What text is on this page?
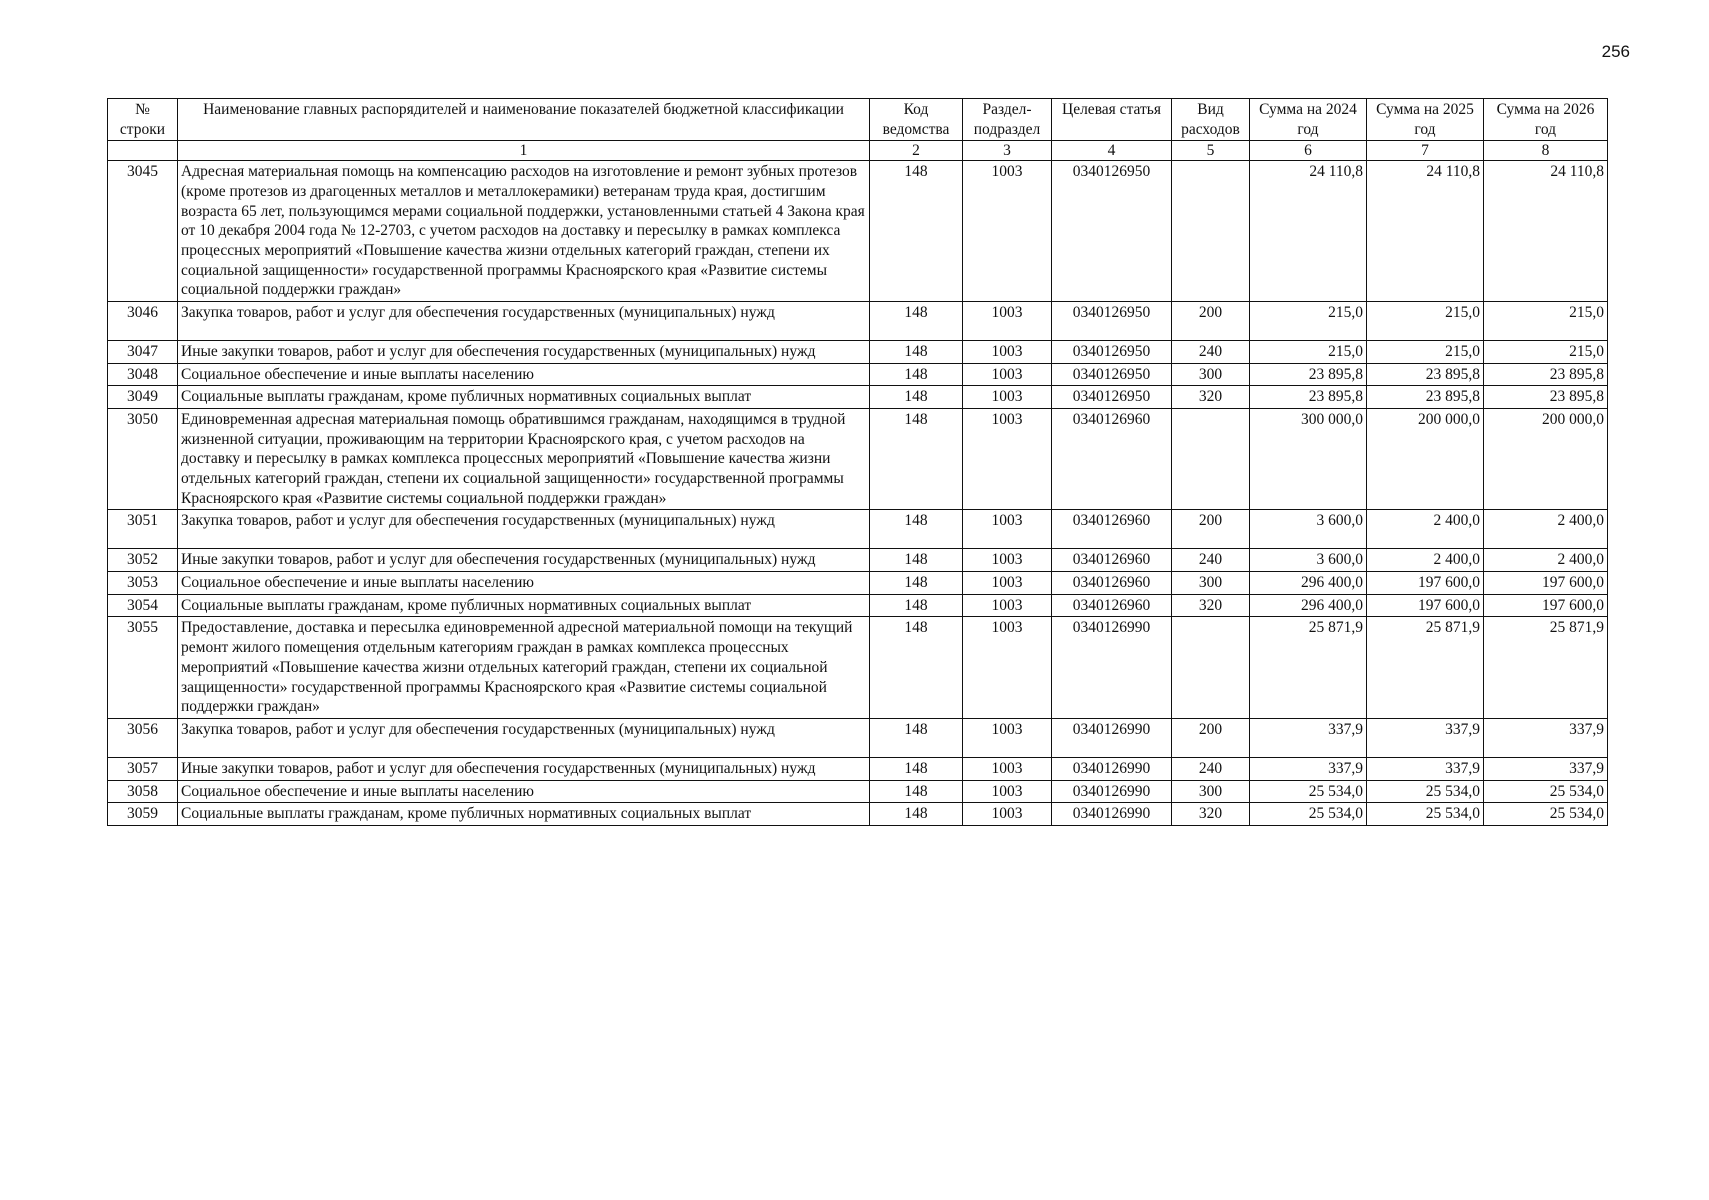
256
№ строки	Наименование главных распорядителей и наименование показателей бюджетной классификации	Код ведомства	Раздел-подраздел	Целевая статья	Вид расходов	Сумма на 2024 год	Сумма на 2025 год	Сумма на 2026 год
	1	2	3	4	5	6	7	8
3045	Адресная материальная помощь на компенсацию расходов на изготовление и ремонт зубных протезов (кроме протезов из драгоценных металлов и металлокерамики) ветеранам труда края, достигшим возраста 65 лет, пользующимся мерами социальной поддержки, установленными статьей 4 Закона края от 10 декабря 2004 года № 12-2703, с учетом расходов на доставку и пересылку в рамках комплекса процессных мероприятий «Повышение качества жизни отдельных категорий граждан, степени их социальной защищенности» государственной программы Красноярского края «Развитие системы социальной поддержки граждан»	148	1003	0340126950		24 110,8	24 110,8	24 110,8
3046	Закупка товаров, работ и услуг для обеспечения государственных (муниципальных) нужд	148	1003	0340126950	200	215,0	215,0	215,0
3047	Иные закупки товаров, работ и услуг для обеспечения государственных (муниципальных) нужд	148	1003	0340126950	240	215,0	215,0	215,0
3048	Социальное обеспечение и иные выплаты населению	148	1003	0340126950	300	23 895,8	23 895,8	23 895,8
3049	Социальные выплаты гражданам, кроме публичных нормативных социальных выплат	148	1003	0340126950	320	23 895,8	23 895,8	23 895,8
3050	Единовременная адресная материальная помощь обратившимся гражданам, находящимся в трудной жизненной ситуации, проживающим на территории Красноярского края, с учетом расходов на доставку и пересылку в рамках комплекса процессных мероприятий «Повышение качества жизни отдельных категорий граждан, степени их социальной защищенности» государственной программы Красноярского края «Развитие системы социальной поддержки граждан»	148	1003	0340126960		300 000,0	200 000,0	200 000,0
3051	Закупка товаров, работ и услуг для обеспечения государственных (муниципальных) нужд	148	1003	0340126960	200	3 600,0	2 400,0	2 400,0
3052	Иные закупки товаров, работ и услуг для обеспечения государственных (муниципальных) нужд	148	1003	0340126960	240	3 600,0	2 400,0	2 400,0
3053	Социальное обеспечение и иные выплаты населению	148	1003	0340126960	300	296 400,0	197 600,0	197 600,0
3054	Социальные выплаты гражданам, кроме публичных нормативных социальных выплат	148	1003	0340126960	320	296 400,0	197 600,0	197 600,0
3055	Предоставление, доставка и пересылка единовременной адресной материальной помощи на текущий ремонт жилого помещения отдельным категориям граждан в рамках комплекса процессных мероприятий «Повышение качества жизни отдельных категорий граждан, степени их социальной защищенности» государственной программы Красноярского края «Развитие системы социальной поддержки граждан»	148	1003	0340126990		25 871,9	25 871,9	25 871,9
3056	Закупка товаров, работ и услуг для обеспечения государственных (муниципальных) нужд	148	1003	0340126990	200	337,9	337,9	337,9
3057	Иные закупки товаров, работ и услуг для обеспечения государственных (муниципальных) нужд	148	1003	0340126990	240	337,9	337,9	337,9
3058	Социальное обеспечение и иные выплаты населению	148	1003	0340126990	300	25 534,0	25 534,0	25 534,0
3059	Социальные выплаты гражданам, кроме публичных нормативных социальных выплат	148	1003	0340126990	320	25 534,0	25 534,0	25 534,0
